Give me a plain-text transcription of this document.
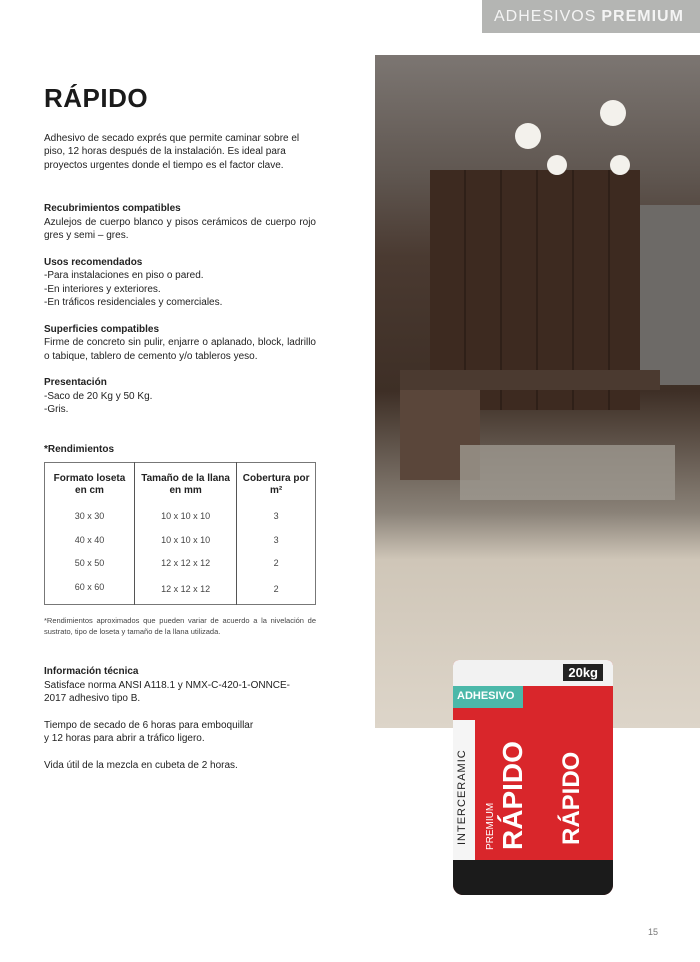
ADHESIVOS PREMIUM
20kg
ADHESIVO
INTERCERAMIC PREMIUM RÁPIDO RÁPIDO
RÁPIDO

Adhesivo de secado exprés que permite caminar sobre el piso, 12 horas después de la instalación. Es ideal para proyectos urgentes donde el tiempo es el factor clave.

Recubrimientos compatibles

Azulejos de cuerpo blanco y pisos cerámicos de cuerpo rojo gres y semi – gres.

Usos recomendados

-Para instalaciones en piso o pared.

-En interiores y exteriores.

-En tráficos residenciales y comerciales.

Superficies compatibles

Firme de concreto sin pulir, enjarre o aplanado, block, ladrillo o tabique, tablero de cemento y/o tableros yeso.

Presentación

-Saco de 20 Kg y 50 Kg.

-Gris.

*Rendimientos
Formato loseta en cm	Tamaño de la llana en mm	Cobertura por m²
30 x 30	10 x 10 x 10	3
40 x 40	10 x 10 x 10	3
50 x 50	12 x 12 x 12	2
60 x 60	12 x 12 x 12	2

*Rendimientos aproximados que pueden variar de acuerdo a la nivelación de sustrato, tipo de loseta y tamaño de la llana utilizada.

Información técnica

Satisface norma ANSI A118.1 y NMX-C-420-1-ONNCE-2017 adhesivo tipo B.

Tiempo de secado de 6 horas para emboquillar y 12 horas para abrir a tráfico ligero.

Vida útil de la mezcla en cubeta de 2 horas.

15
